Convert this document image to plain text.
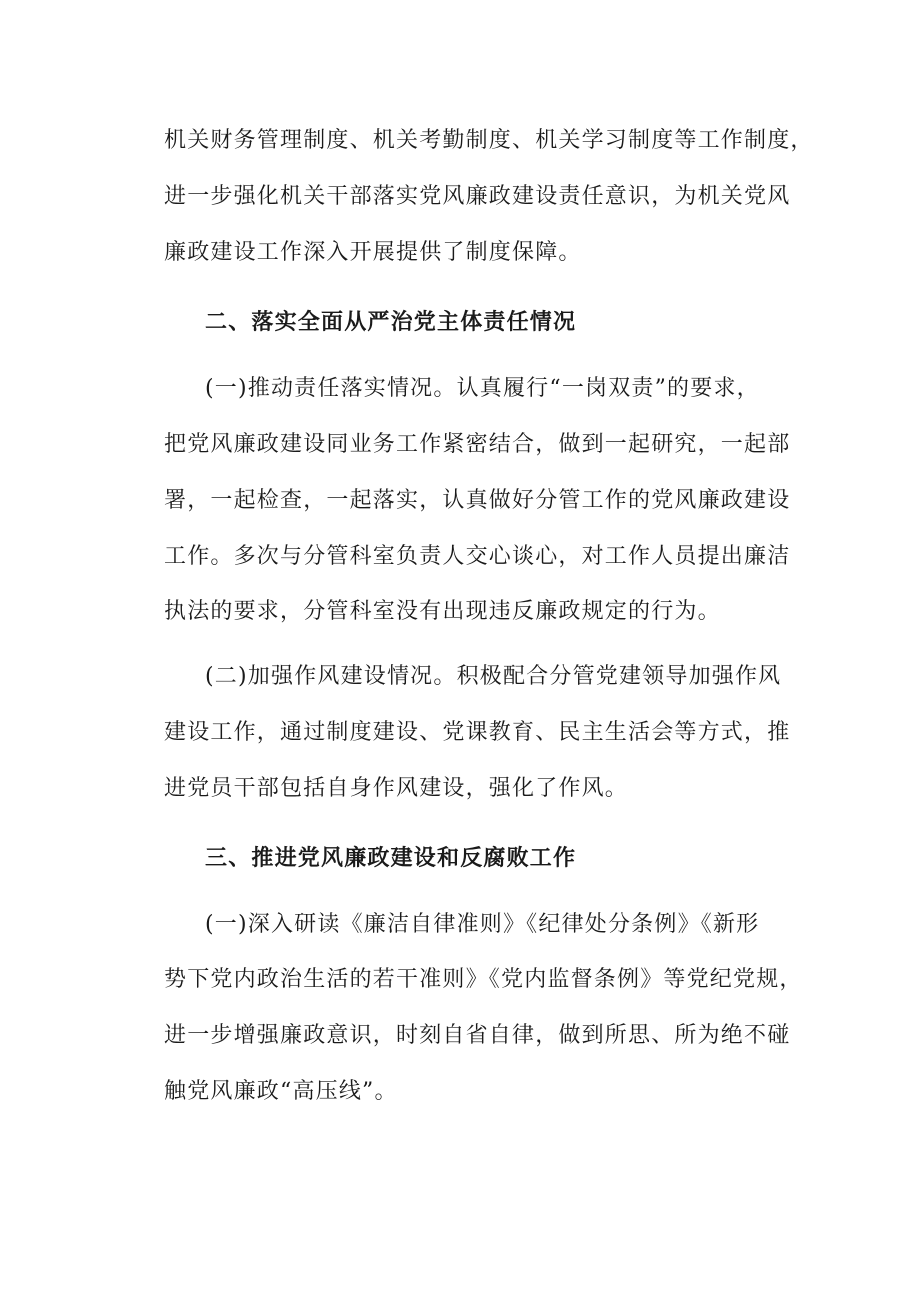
机关财务管理制度、机关考勤制度、机关学习制度等工作制度，
进一步强化机关干部落实党风廉政建设责任意识，为机关党风
廉政建设工作深入开展提供了制度保障。
二、落实全面从严治党主体责任情况
(一)推动责任落实情况。认真履行“一岗双责”的要求，
把党风廉政建设同业务工作紧密结合，做到一起研究，一起部
署，一起检查，一起落实，认真做好分管工作的党风廉政建设
工作。多次与分管科室负责人交心谈心，对工作人员提出廉洁
执法的要求，分管科室没有出现违反廉政规定的行为。
(二)加强作风建设情况。积极配合分管党建领导加强作风
建设工作，通过制度建设、党课教育、民主生活会等方式，推
进党员干部包括自身作风建设，强化了作风。
三、推进党风廉政建设和反腐败工作
(一)深入研读《廉洁自律准则》《纪律处分条例》《新形
势下党内政治生活的若干准则》《党内监督条例》等党纪党规，
进一步增强廉政意识，时刻自省自律，做到所思、所为绝不碰
触党风廉政“高压线”。
